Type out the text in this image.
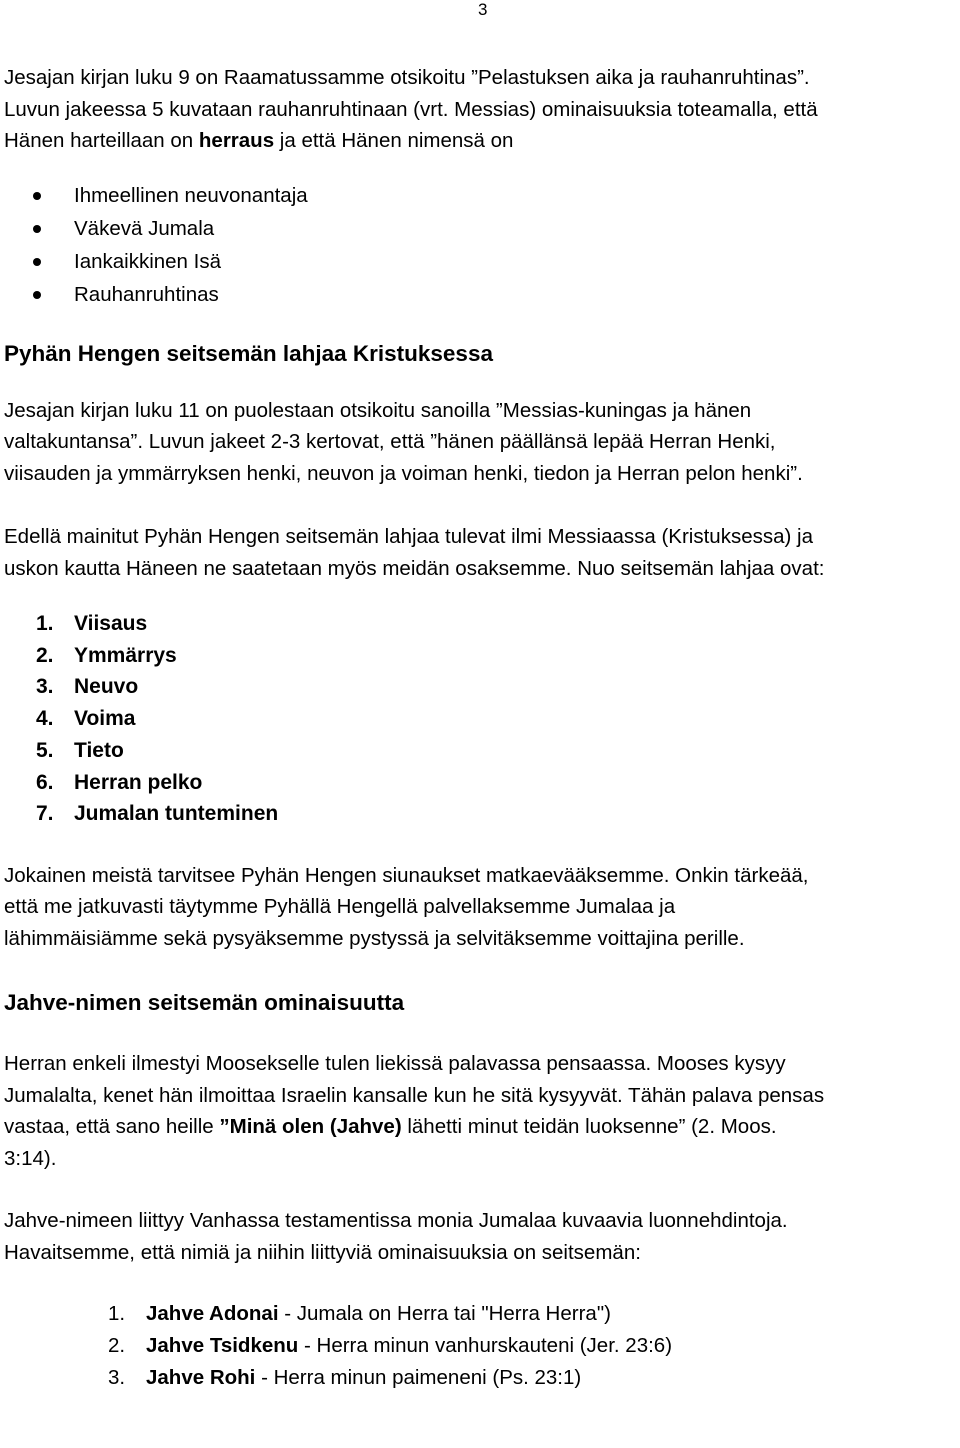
3

Jesajan kirjan luku 9 on Raamatussamme otsikoitu ”Pelastuksen aika ja rauhanruhtinas”.

Luvun jakeessa 5 kuvataan rauhanruhtinaan (vrt. Messias) ominaisuuksia toteamalla, että

Hänen harteillaan on herraus ja että Hänen nimensä on

Ihmeellinen neuvonantaja
Väkevä Jumala
Iankaikkinen Isä
Rauhanruhtinas
Pyhän Hengen seitsemän lahjaa Kristuksessa

Jesajan kirjan luku 11 on puolestaan otsikoitu sanoilla ”Messias-kuningas ja hänen

valtakuntansa”. Luvun jakeet 2-3 kertovat, että ”hänen päällänsä lepää Herran Henki,

viisauden ja ymmärryksen henki, neuvon ja voiman henki, tiedon ja Herran pelon henki”.

Edellä mainitut Pyhän Hengen seitsemän lahjaa tulevat ilmi Messiaassa (Kristuksessa) ja

uskon kautta Häneen ne saatetaan myös meidän osaksemme. Nuo seitsemän lahjaa ovat:

1. Viisaus
2. Ymmärrys
3. Neuvo
4. Voima
5. Tieto
6. Herran pelko
7. Jumalan tunteminen

Jokainen meistä tarvitsee Pyhän Hengen siunaukset matkaevääksemme. Onkin tärkeää,

että me jatkuvasti täytymme Pyhällä Hengellä palvellaksemme Jumalaa ja

lähimmäisiämme sekä pysyäksemme pystyssä ja selvitäksemme voittajina perille.

Jahve-nimen seitsemän ominaisuutta

Herran enkeli ilmestyi Moosekselle tulen liekissä palavassa pensaassa. Mooses kysyy

Jumalalta, kenet hän ilmoittaa Israelin kansalle kun he sitä kysyyvät. Tähän palava pensas

vastaa, että sano heille ”Minä olen (Jahve) lähetti minut teidän luoksenne” (2. Moos.

3:14).

Jahve-nimeen liittyy Vanhassa testamentissa monia Jumalaa kuvaavia luonnehdintoja.

Havaitsemme, että nimiä ja niihin liittyviä ominaisuuksia on seitsemän:

1. Jahve Adonai - Jumala on Herra tai "Herra Herra")
2. Jahve Tsidkenu - Herra minun vanhurskauteni (Jer. 23:6)
3. Jahve Rohi - Herra minun paimeneni (Ps. 23:1)
